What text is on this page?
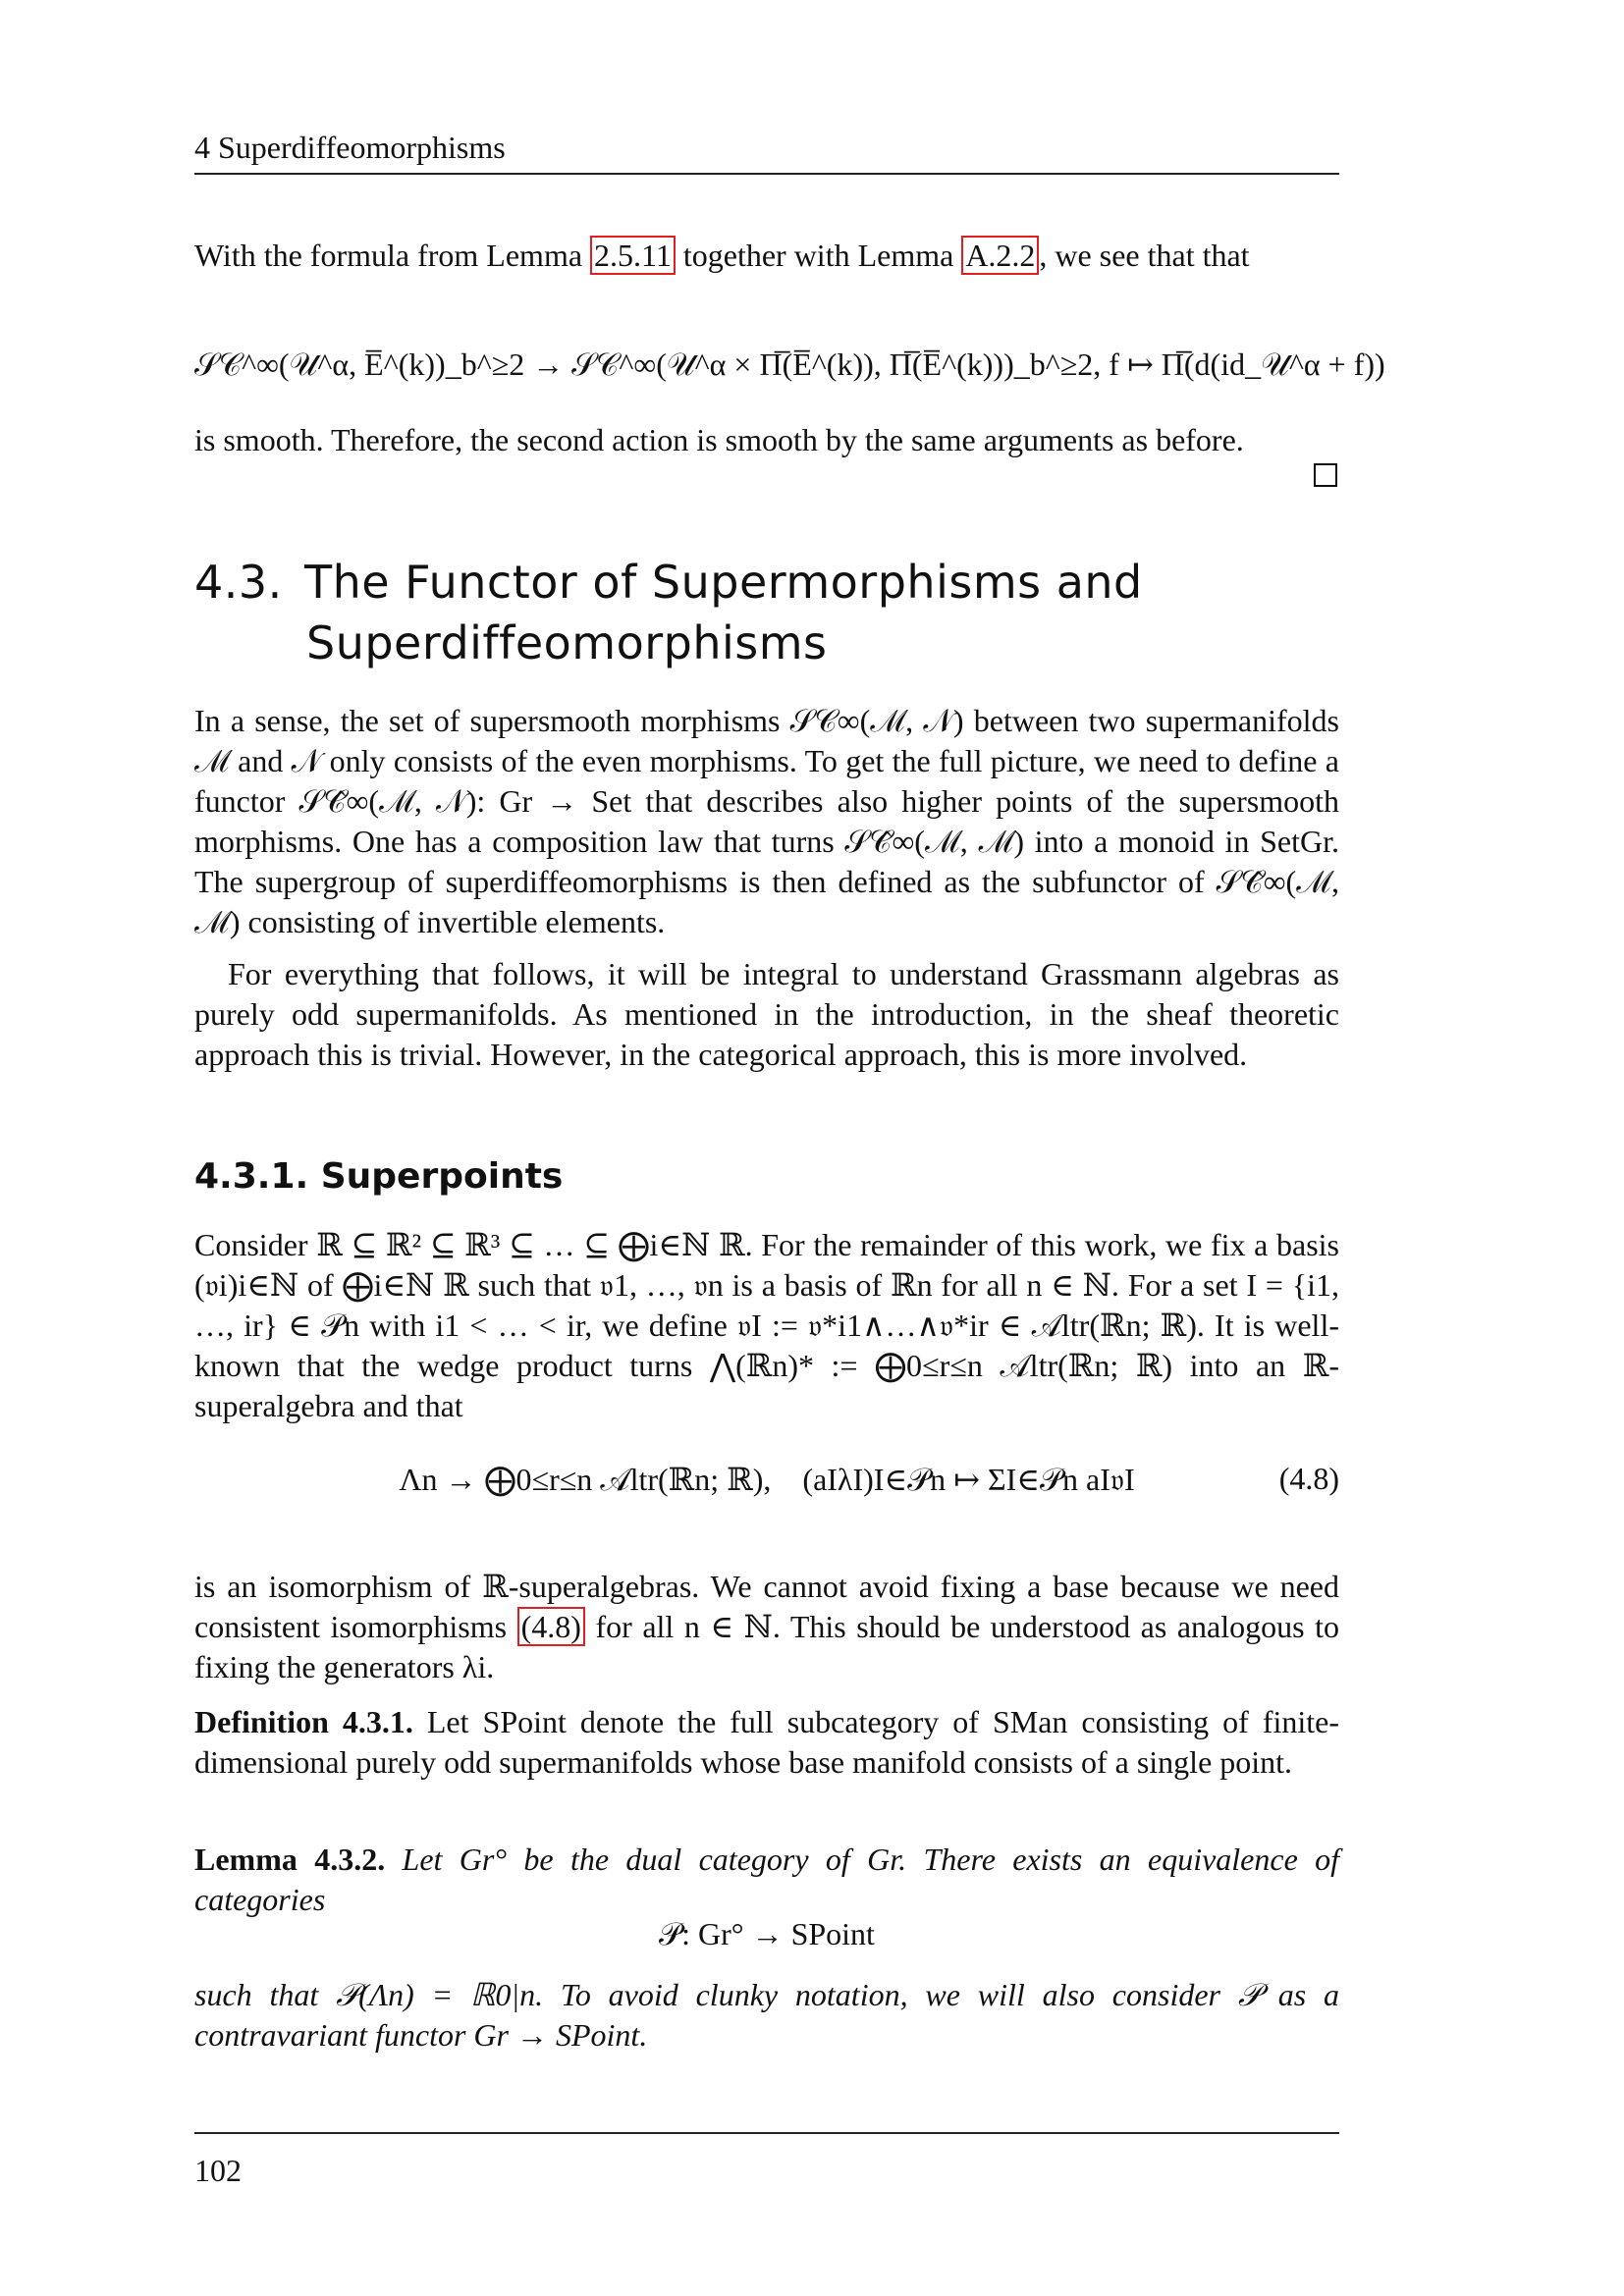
4 Superdiffeomorphisms

With the formula from Lemma 2.5.11 together with Lemma A.2.2 , we see that that

𝒮𝒞^∞(𝒰^α, E̅^(k))_b^≥2 → 𝒮𝒞^∞(𝒰^α × Π̅(E̅^(k)), Π̅(E̅^(k)))_b^≥2, f ↦ Π̅(d(id_𝒰^α + f))

is smooth. Therefore, the second action is smooth by the same arguments as before.

4.3. The Functor of Supermorphisms and
Superdiffeomorphisms

In a sense, the set of supersmooth morphisms 𝒮𝒞∞(ℳ, 𝒩) between two supermanifolds ℳ and 𝒩 only consists of the even morphisms. To get the full picture, we need to define a functor 𝒮𝒞̂∞(ℳ, 𝒩): Gr → Set that describes also higher points of the supersmooth morphisms. One has a composition law that turns 𝒮𝒞̂∞(ℳ, ℳ) into a monoid in SetGr. The supergroup of superdiffeomorphisms is then defined as the subfunctor of 𝒮𝒞̂∞(ℳ, ℳ) consisting of invertible elements.

For everything that follows, it will be integral to understand Grassmann algebras as purely odd supermanifolds. As mentioned in the introduction, in the sheaf theoretic approach this is trivial. However, in the categorical approach, this is more involved.

4.3.1. Superpoints

Consider ℝ ⊆ ℝ² ⊆ ℝ³ ⊆ … ⊆ ⨁i∈ℕ ℝ. For the remainder of this work, we fix a basis (𝔳i)i∈ℕ of ⨁i∈ℕ ℝ such that 𝔳1, …, 𝔳n is a basis of ℝn for all n ∈ ℕ. For a set I = {i1, …, ir} ∈ 𝒫n with i1 < … < ir, we define 𝔳I := 𝔳*i1∧…∧𝔳*ir ∈ 𝒜ltr(ℝn; ℝ). It is well-known that the wedge product turns ⋀(ℝn)* := ⨁0≤r≤n 𝒜ltr(ℝn; ℝ) into an ℝ-superalgebra and that

Λn → ⨁0≤r≤n 𝒜ltr(ℝn; ℝ), (aIλI)I∈𝒫n ↦ ΣI∈𝒫n aI𝔳I	(4.8)

is an isomorphism of ℝ-superalgebras. We cannot avoid fixing a base because we need consistent isomorphisms (4.8) for all n ∈ ℕ. This should be understood as analogous to fixing the generators λi.

Definition 4.3.1. Let SPoint denote the full subcategory of SMan consisting of finite-dimensional purely odd supermanifolds whose base manifold consists of a single point.

Lemma 4.3.2. Let Gr° be the dual category of Gr. There exists an equivalence of categories

𝒫: Gr° → SPoint

such that 𝒫(Λn) = ℝ0|n. To avoid clunky notation, we will also consider 𝒫 as a contravariant functor Gr → SPoint.

102
